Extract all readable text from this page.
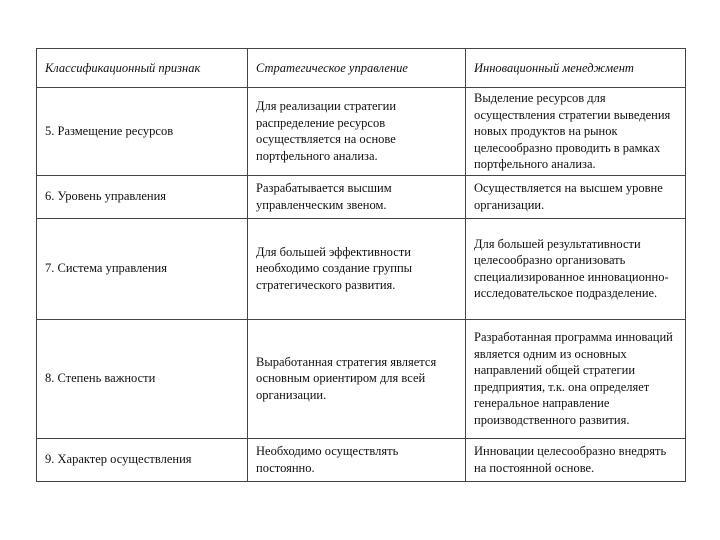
Классификационный признак	Стратегическое управление	Инновационный менеджмент
5. Размещение ресурсов	Для реализации стратегии распределение ресурсов осуществляется на основе портфельного анализа.	Выделение ресурсов для осуществления стратегии выведения новых продуктов на рынок целесообразно проводить в рамках портфельного анализа.
6. Уровень управления	Разрабатывается высшим управленческим звеном.	Осуществляется на высшем уровне организации.
7. Система управления	Для большей эффективности необходимо создание группы стратегического развития.	Для большей результативности целесообразно организовать специализированное инновационно-исследовательское подразделение.
8. Степень важности	Выработанная стратегия является основным ориентиром для всей организации.	Разработанная программа инноваций является одним из основных направлений общей стратегии предприятия, т.к. она определяет генеральное направление производственного развития.
9. Характер осуществления	Необходимо осуществлять постоянно.	Инновации целесообразно внедрять на постоянной основе.
